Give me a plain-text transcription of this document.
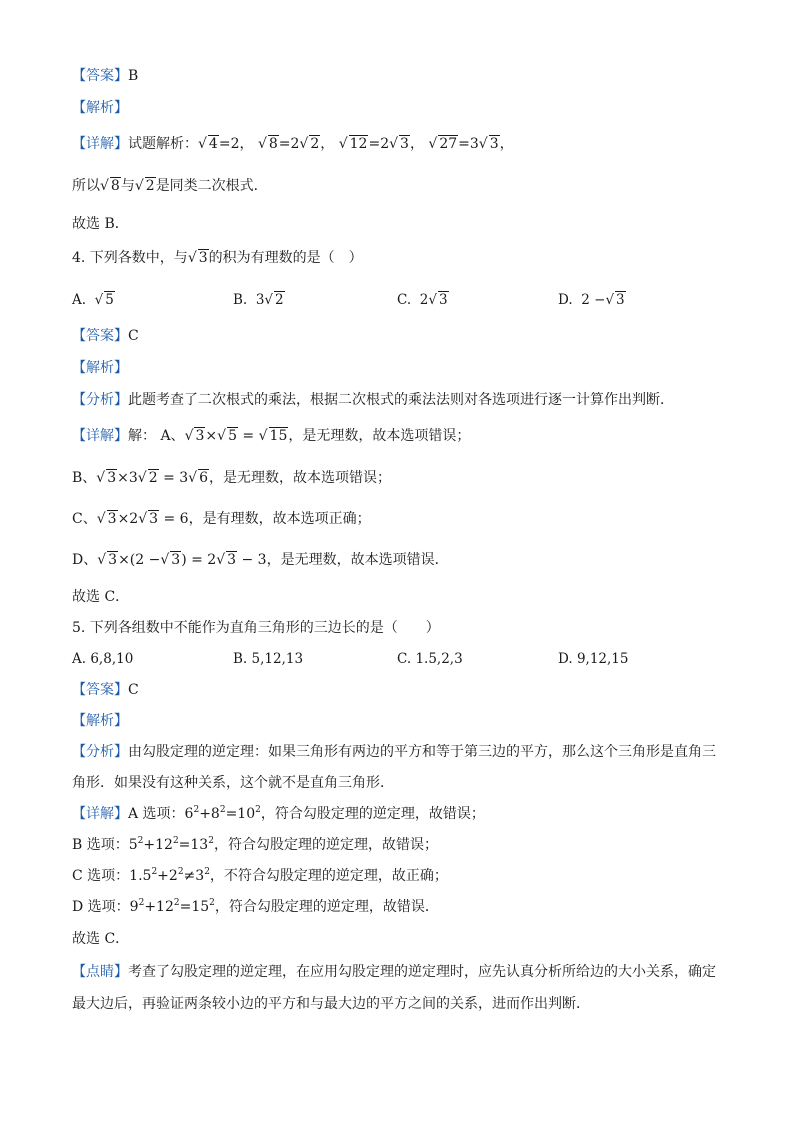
【答案】B
【解析】
【详解】试题解析：√ 4=2， √ 8=2√ 2， √ 12=2√ 3， √ 27=3√ 3，
所以√ 8与√ 2是同类二次根式．
故选 B．
4. 下列各数中，与√ 3的积为有理数的是（　）
A. √ 5	B. 3√ 2	C. 2√ 3	D. 2 −√ 3
【答案】C
【解析】
【分析】此题考查了二次根式的乘法，根据二次根式的乘法法则对各选项进行逐一计算作出判断．
【详解】解： A、√ 3×√ 5 = √ 15，是无理数，故本选项错误；
B、√ 3×3√ 2 = 3√ 6，是无理数，故本选项错误；
C、√ 3×2√ 3 = 6，是有理数，故本选项正确；
D、√ 3×(2 −√ 3) = 2√ 3 − 3，是无理数，故本选项错误．
故选 C．
5. 下列各组数中不能作为直角三角形的三边长的是（　　）
A. 6,8,10	B. 5,12,13	C. 1.5,2,3	D. 9,12,15
【答案】C
【解析】
【分析】由勾股定理的逆定理：如果三角形有两边的平方和等于第三边的平方，那么这个三角形是直角三
角形．如果没有这种关系，这个就不是直角三角形．
【详解】A 选项：$6^2+8^2=10^2$，符合勾股定理的逆定理，故错误；
B 选项：$5^2+12^2=13^2$，符合勾股定理的逆定理，故错误；
C 选项：$1.5^2+2^2\ne 3^2$，不符合勾股定理的逆定理，故正确；
D 选项：$9^2+12^2=15^2$，符合勾股定理的逆定理，故错误．
故选 C．
【点睛】考查了勾股定理的逆定理，在应用勾股定理的逆定理时，应先认真分析所给边的大小关系，确定
最大边后，再验证两条较小边的平方和与最大边的平方之间的关系，进而作出判断．
